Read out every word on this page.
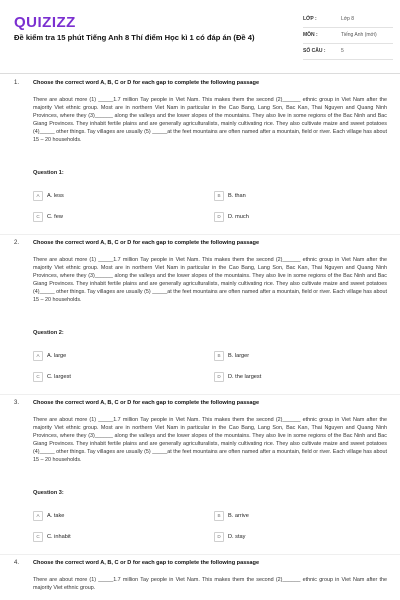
QUIZIZZ
Đề kiểm tra 15 phút Tiếng Anh 8 Thí điểm Học kì 1 có đáp án (Đề 4)
LỚP :	Lớp 8
MÔN :	Tiếng Anh (mới)
SỐ CÂU :	5
1. Choose the correct word A, B, C or D for each gap to complete the following passage
There are about more (1) _____1.7 million Tay people in Viet Nam. This makes them the second (2)______ ethnic group in Viet Nam after the majority Viet ethnic group. Most are in northern Viet Nam in particular in the Cao Bang, Lang Son, Bac Kan, Thai Nguyen and Quang Ninh Provinces, where they (3)______ along the valleys and the lower slopes of the mountains. They also live in some regions of the Bac Ninh and Bac Giang Provinces. They inhabit fertile plains and are generally agriculturalists, mainly cultivating rice. They also cultivate maize and sweet potatoes (4)_____ other things. Tay villages are usually (5) _____at the feet mountains are often named after a mountain, field or river. Each village has about 15 – 20 households.
Question 1:
A	A. less	B	B. than
C	C. few	D	D. much
2. Choose the correct word A, B, C or D for each gap to complete the following passage
There are about more (1) _____1.7 million Tay people in Viet Nam. This makes them the second (2)______ ethnic group in Viet Nam after the majority Viet ethnic group. Most are in northern Viet Nam in particular in the Cao Bang, Lang Son, Bac Kan, Thai Nguyen and Quang Ninh Provinces, where they (3)______ along the valleys and the lower slopes of the mountains. They also live in some regions of the Bac Ninh and Bac Giang Provinces. They inhabit fertile plains and are generally agriculturalists, mainly cultivating rice. They also cultivate maize and sweet potatoes (4)_____ other things. Tay villages are usually (5) _____at the feet mountains are often named after a mountain, field or river. Each village has about 15 – 20 households.
Question 2:
A	A. large	B	B. larger
C	C. largest	D	D. the largest
3. Choose the correct word A, B, C or D for each gap to complete the following passage
There are about more (1) _____1.7 million Tay people in Viet Nam. This makes them the second (2)______ ethnic group in Viet Nam after the majority Viet ethnic group. Most are in northern Viet Nam in particular in the Cao Bang, Lang Son, Bac Kan, Thai Nguyen and Quang Ninh Provinces, where they (3)______ along the valleys and the lower slopes of the mountains. They also live in some regions of the Bac Ninh and Bac Giang Provinces. They inhabit fertile plains and are generally agriculturalists, mainly cultivating rice. They also cultivate maize and sweet potatoes (4)_____ other things. Tay villages are usually (5) _____at the feet mountains are often named after a mountain, field or river. Each village has about 15 – 20 households.
Question 3:
A	A. take	B	B. arrive
C	C. inhabit	D	D. stay
4. Choose the correct word A, B, C or D for each gap to complete the following passage
There are about more (1) _____1.7 million Tay people in Viet Nam. This makes them the second (2)______ ethnic group in Viet Nam after the majority Viet ethnic group.
